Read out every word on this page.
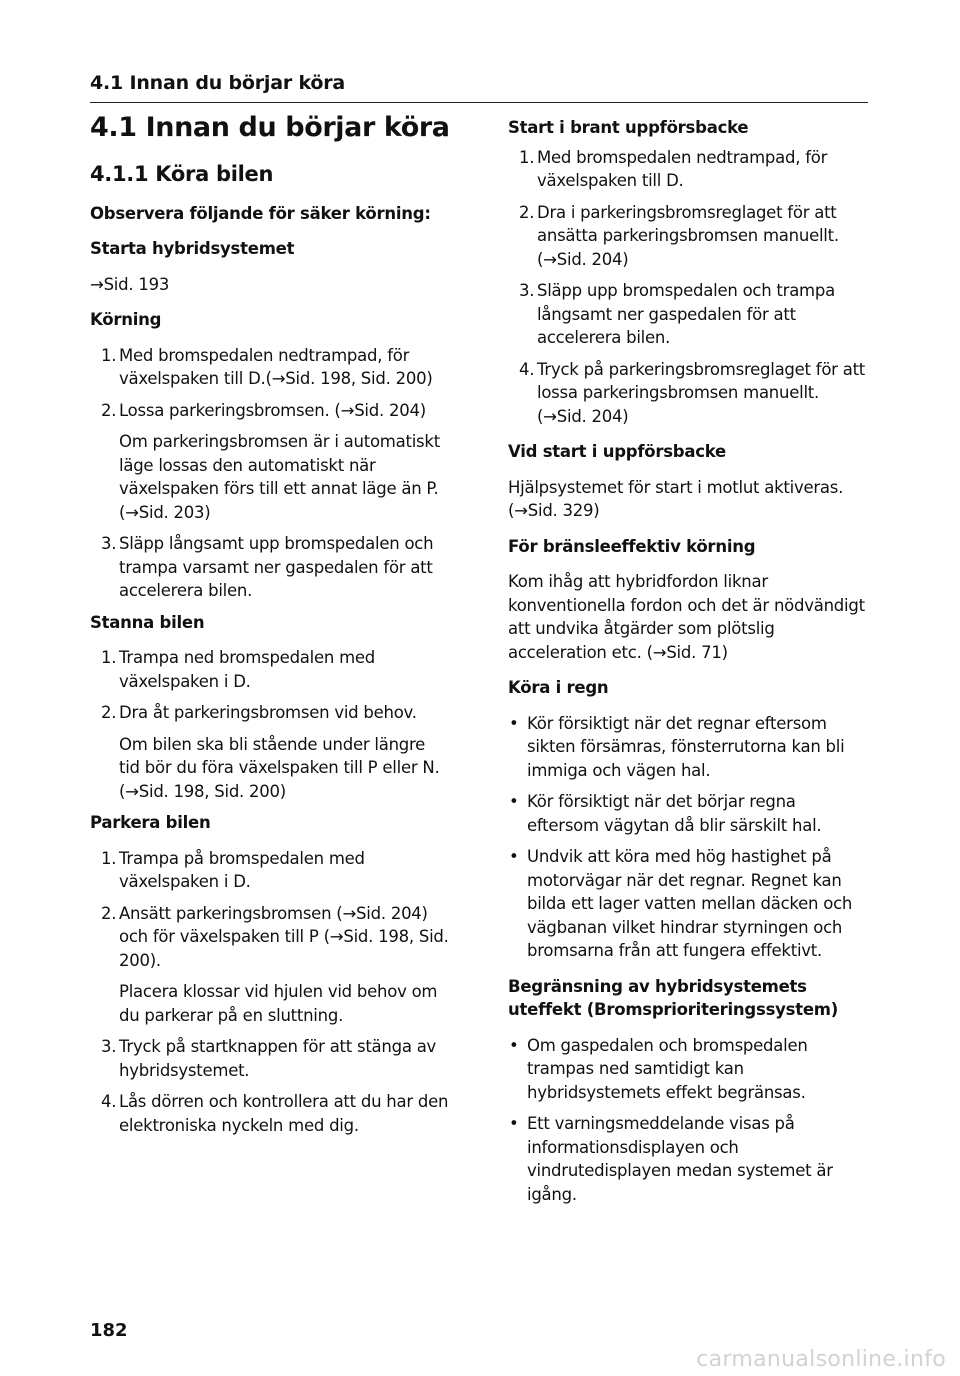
4.1 Innan du börjar köra
4.1 Innan du börjar köra
4.1.1 Köra bilen
Observera följande för säker körning:
Starta hybridsystemet
→Sid. 193
Körning
1. Med bromspedalen nedtrampad, för växelspaken till D.(→Sid. 198, Sid. 200)
2. Lossa parkeringsbromsen. (→Sid. 204)
Om parkeringsbromsen är i automatiskt läge lossas den automatiskt när växelspaken förs till ett annat läge än P. (→Sid. 203)
3. Släpp långsamt upp bromspedalen och trampa varsamt ner gaspedalen för att accelerera bilen.
Stanna bilen
1. Trampa ned bromspedalen med växelspaken i D.
2. Dra åt parkeringsbromsen vid behov.
Om bilen ska bli stående under längre tid bör du föra växelspaken till P eller N. (→Sid. 198, Sid. 200)
Parkera bilen
1. Trampa på bromspedalen med växelspaken i D.
2. Ansätt parkeringsbromsen (→Sid. 204) och för växelspaken till P (→Sid. 198, Sid. 200).
Placera klossar vid hjulen vid behov om du parkerar på en sluttning.
3. Tryck på startknappen för att stänga av hybridsystemet.
4. Lås dörren och kontrollera att du har den elektroniska nyckeln med dig.
Start i brant uppförsbacke
1. Med bromspedalen nedtrampad, för växelspaken till D.
2. Dra i parkeringsbromsreglaget för att ansätta parkeringsbromsen manuellt. (→Sid. 204)
3. Släpp upp bromspedalen och trampa långsamt ner gaspedalen för att accelerera bilen.
4. Tryck på parkeringsbromsreglaget för att lossa parkeringsbromsen manuellt. (→Sid. 204)
Vid start i uppförsbacke
Hjälpsystemet för start i motlut aktiveras. (→Sid. 329)
För bränsleeffektiv körning
Kom ihåg att hybridfordon liknar konventionella fordon och det är nödvändigt att undvika åtgärder som plötslig acceleration etc. (→Sid. 71)
Köra i regn
• Kör försiktigt när det regnar eftersom sikten försämras, fönsterrutorna kan bli immiga och vägen hal.
• Kör försiktigt när det börjar regna eftersom vägytan då blir särskilt hal.
• Undvik att köra med hög hastighet på motorvägar när det regnar. Regnet kan bilda ett lager vatten mellan däcken och vägbanan vilket hindrar styrningen och bromsarna från att fungera effektivt.
Begränsning av hybridsystemets uteffekt (Bromsprioriteringssystem)
• Om gaspedalen och bromspedalen trampas ned samtidigt kan hybridsystemets effekt begränsas.
• Ett varningsmeddelande visas på informationsdisplayen och vindrutedisplayen medan systemet är igång.
182
carmanualsonline.info
